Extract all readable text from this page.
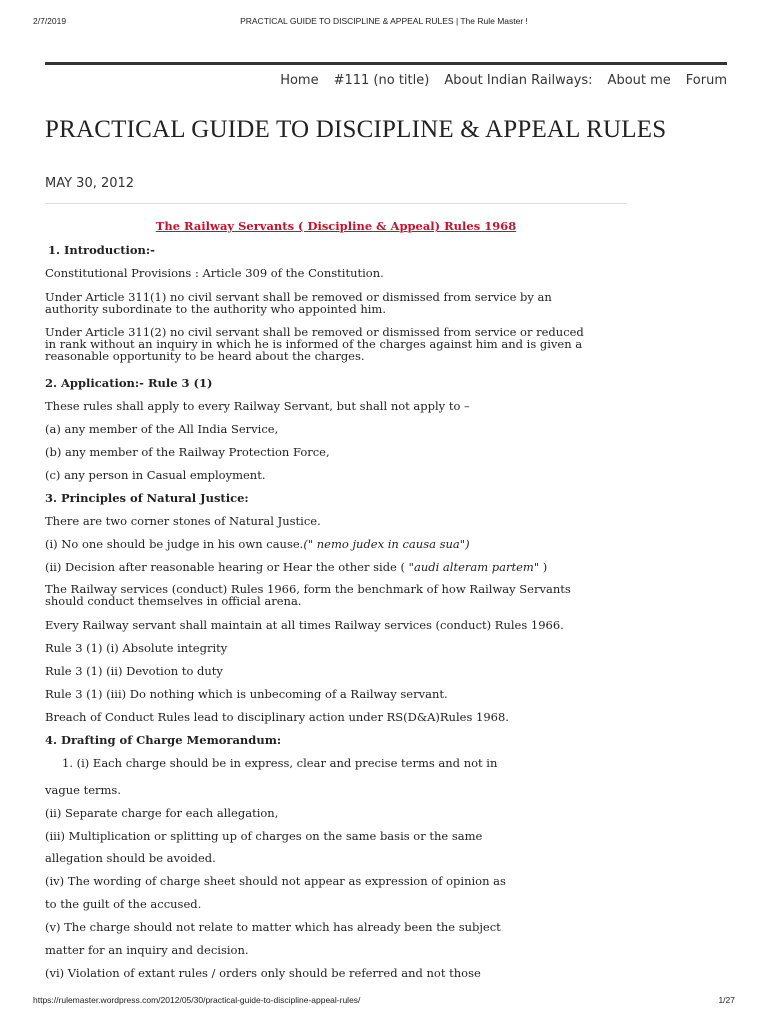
2/7/2019	PRACTICAL GUIDE TO DISCIPLINE & APPEAL RULES | The Rule Master !
Home #111 (no title) About Indian Railways: About me Forum
PRACTICAL GUIDE TO DISCIPLINE & APPEAL RULES
MAY 30, 2012
The Railway Servants ( Discipline & Appeal) Rules 1968

1. Introduction:-

Constitutional Provisions : Article 309 of the Constitution.

Under Article 311(1) no civil servant shall be removed or dismissed from service by an authority subordinate to the authority who appointed him.

Under Article 311(2) no civil servant shall be removed or dismissed from service or reduced in rank without an inquiry in which he is informed of the charges against him and is given a reasonable opportunity to be heard about the charges.

2. Application:- Rule 3 (1)

These rules shall apply to every Railway Servant, but shall not apply to –

(a) any member of the All India Service,

(b) any member of the Railway Protection Force,

(c) any person in Casual employment.

3. Principles of Natural Justice:

There are two corner stones of Natural Justice.

(i) No one should be judge in his own cause.(" nemo judex in causa sua")

(ii) Decision after reasonable hearing or Hear the other side ( "audi alteram partem" )

The Railway services (conduct) Rules 1966, form the benchmark of how Railway Servants should conduct themselves in official arena.

Every Railway servant shall maintain at all times Railway services (conduct) Rules 1966.

Rule 3 (1) (i) Absolute integrity

Rule 3 (1) (ii) Devotion to duty

Rule 3 (1) (iii) Do nothing which is unbecoming of a Railway servant.

Breach of Conduct Rules lead to disciplinary action under RS(D&A)Rules 1968.

4. Drafting of Charge Memorandum:

1. (i) Each charge should be in express, clear and precise terms and not in

vague terms.

(ii) Separate charge for each allegation,

(iii) Multiplication or splitting up of charges on the same basis or the same

allegation should be avoided.

(iv) The wording of charge sheet should not appear as expression of opinion as

to the guilt of the accused.

(v) The charge should not relate to matter which has already been the subject

matter for an inquiry and decision.

(vi) Violation of extant rules / orders only should be referred and not those

https://rulemaster.wordpress.com/2012/05/30/practical-guide-to-discipline-appeal-rules/	1/27
